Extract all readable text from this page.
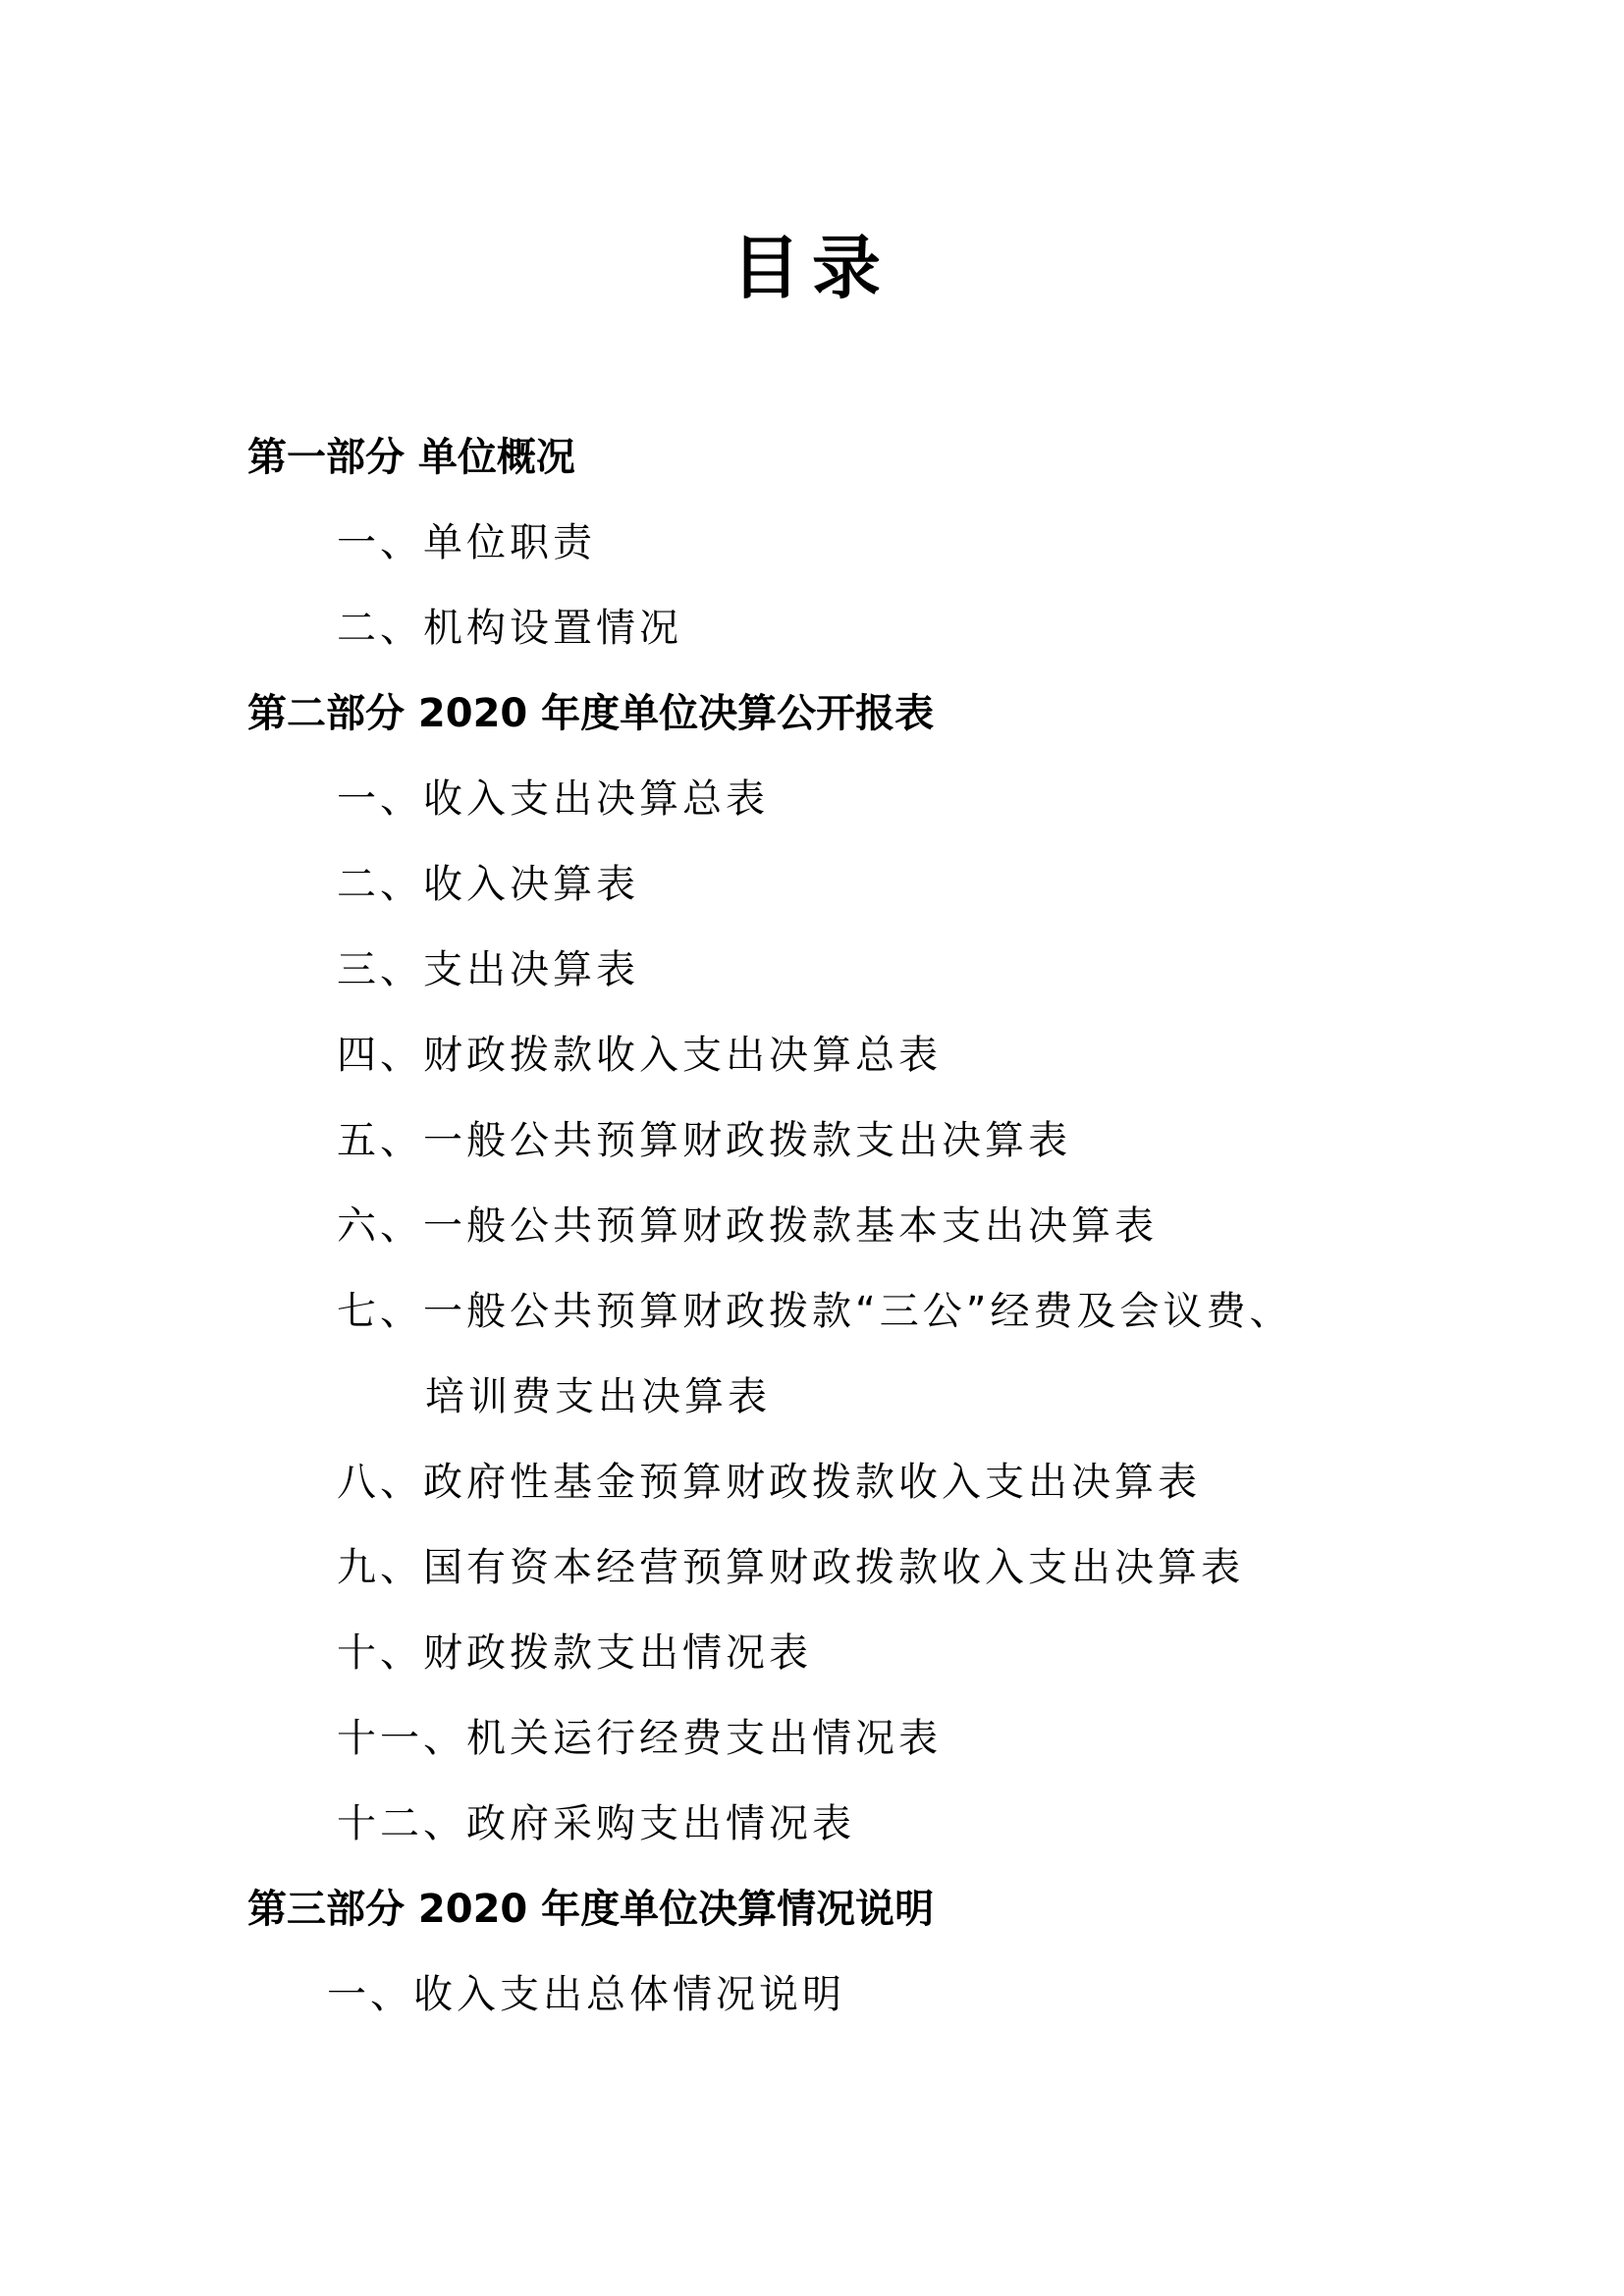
目录
第一部分 单位概况
一、单位职责
二、机构设置情况
第二部分 2020 年度单位决算公开报表
一、收入支出决算总表
二、收入决算表
三、支出决算表
四、财政拨款收入支出决算总表
五、一般公共预算财政拨款支出决算表
六、一般公共预算财政拨款基本支出决算表
七、一般公共预算财政拨款“三公”经费及会议费、
培训费支出决算表
八、政府性基金预算财政拨款收入支出决算表
九、国有资本经营预算财政拨款收入支出决算表
十、财政拨款支出情况表
十一、机关运行经费支出情况表
十二、政府采购支出情况表
第三部分 2020 年度单位决算情况说明
一、收入支出总体情况说明
